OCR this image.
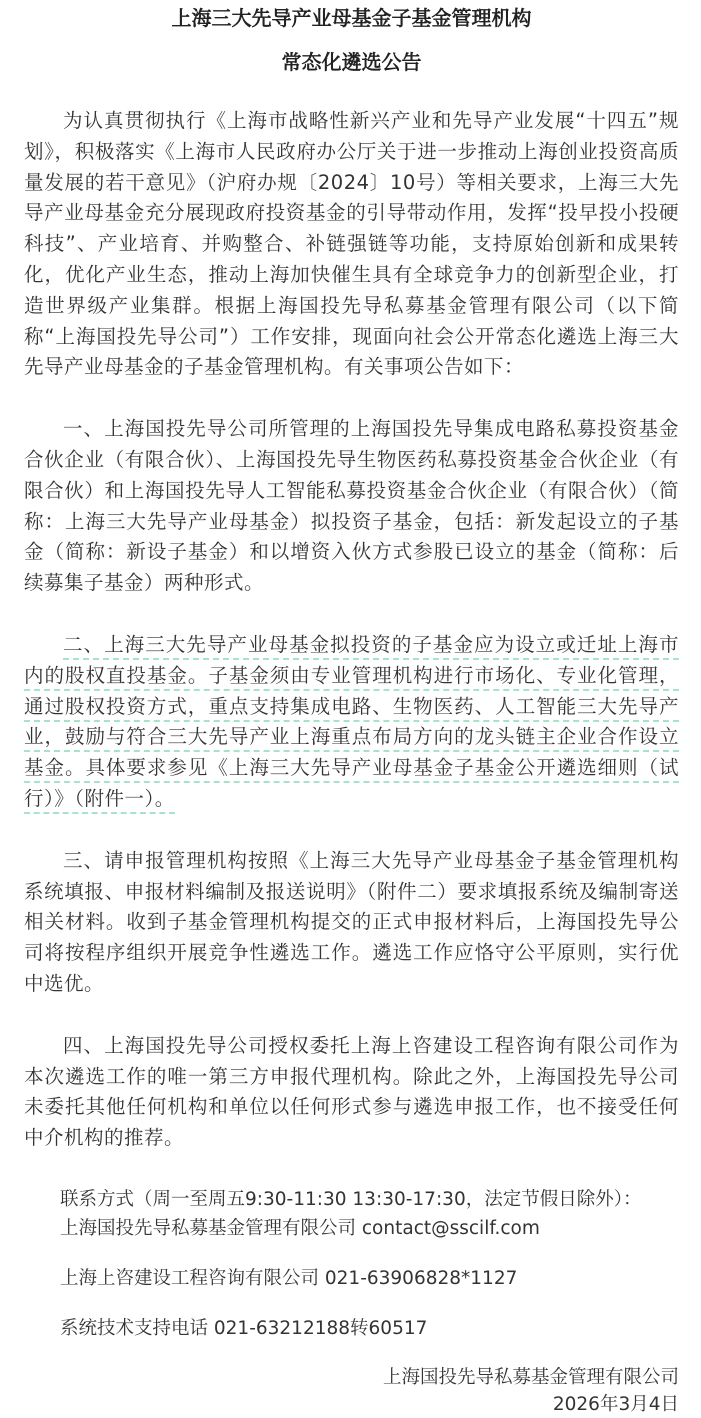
上海三大先导产业母基金子基金管理机构
常态化遴选公告

为认真贯彻执行《上海市战略性新兴产业和先导产业发展“十四五”规划》，积极落实《上海市人民政府办公厅关于进一步推动上海创业投资高质量发展的若干意见》（沪府办规〔2024〕10号）等相关要求，上海三大先导产业母基金充分展现政府投资基金的引导带动作用，发挥“投早投小投硬科技”、产业培育、并购整合、补链强链等功能，支持原始创新和成果转化，优化产业生态，推动上海加快催生具有全球竞争力的创新型企业，打造世界级产业集群。根据上海国投先导私募基金管理有限公司（以下简称“上海国投先导公司”）工作安排，现面向社会公开常态化遴选上海三大先导产业母基金的子基金管理机构。有关事项公告如下：

一、上海国投先导公司所管理的上海国投先导集成电路私募投资基金合伙企业（有限合伙）、上海国投先导生物医药私募投资基金合伙企业（有限合伙）和上海国投先导人工智能私募投资基金合伙企业（有限合伙）（简称：上海三大先导产业母基金）拟投资子基金，包括：新发起设立的子基金（简称：新设子基金）和以增资入伙方式参股已设立的基金（简称：后续募集子基金）两种形式。

二、上海三大先导产业母基金拟投资的子基金应为设立或迁址上海市内的股权直投基金。子基金须由专业管理机构进行市场化、专业化管理，通过股权投资方式，重点支持集成电路、生物医药、人工智能三大先导产业，鼓励与符合三大先导产业上海重点布局方向的龙头链主企业合作设立基金。具体要求参见《上海三大先导产业母基金子基金公开遴选细则（试行）》（附件一）。

三、请申报管理机构按照《上海三大先导产业母基金子基金管理机构系统填报、申报材料编制及报送说明》（附件二）要求填报系统及编制寄送相关材料。收到子基金管理机构提交的正式申报材料后，上海国投先导公司将按程序组织开展竞争性遴选工作。遴选工作应恪守公平原则，实行优中选优。

四、上海国投先导公司授权委托上海上咨建设工程咨询有限公司作为本次遴选工作的唯一第三方申报代理机构。除此之外，上海国投先导公司未委托其他任何机构和单位以任何形式参与遴选申报工作，也不接受任何中介机构的推荐。

联系方式（周一至周五9:30-11:30 13:30-17:30，法定节假日除外）：
上海国投先导私募基金管理有限公司 contact@sscilf.com
上海上咨建设工程咨询有限公司 021-63906828*1127
系统技术支持电话 021-63212188转60517
上海国投先导私募基金管理有限公司
2026年3月4日
